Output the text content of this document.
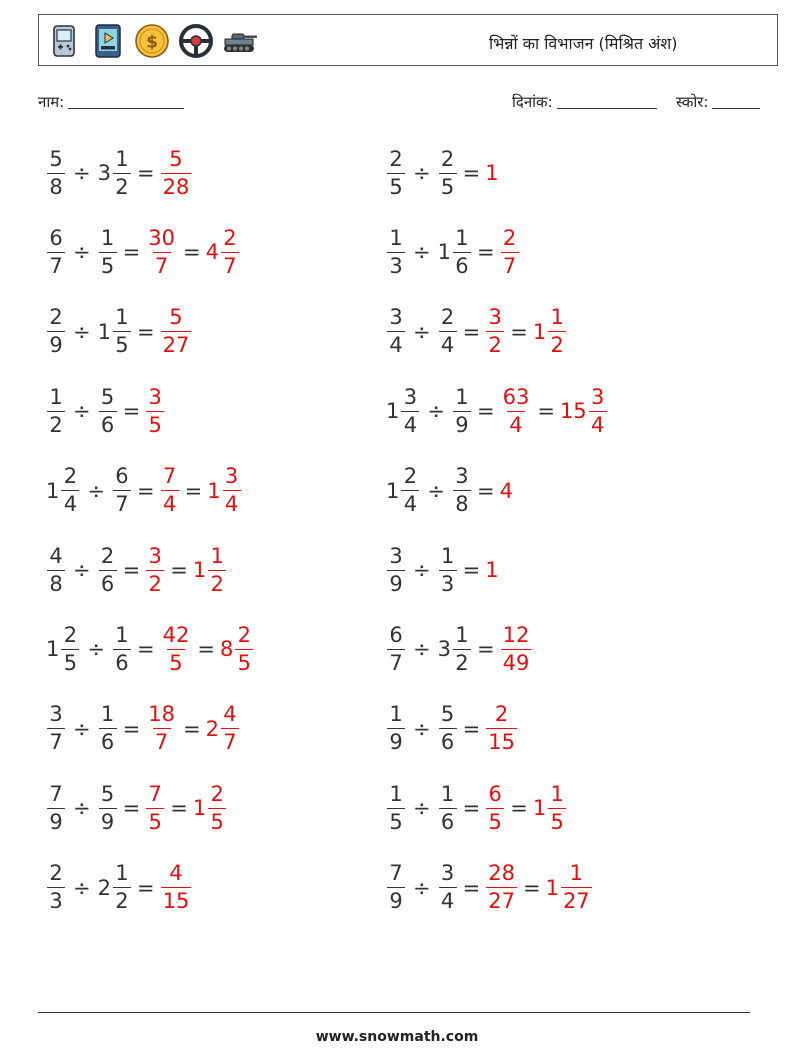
$	भिन्नों का विभाजन (मिश्रित अंश)
नाम:	दिनांक:	स्कोर:
$\frac{5}{8} \div 3 \frac{1}{2} = \frac{5}{28}$	$\frac{2}{5} \div \frac{2}{5} = 1$
$\frac{6}{7} \div \frac{1}{5} = \frac{30}{7} = 4 \frac{2}{7}$	$\frac{1}{3} \div 1 \frac{1}{6} = \frac{2}{7}$
$\frac{2}{9} \div 1 \frac{1}{5} = \frac{5}{27}$	$\frac{3}{4} \div \frac{2}{4} = \frac{3}{2} = 1 \frac{1}{2}$
$\frac{1}{2} \div \frac{5}{6} = \frac{3}{5}$	$1 \frac{3}{4} \div \frac{1}{9} = \frac{63}{4} = 15 \frac{3}{4}$
$1 \frac{2}{4} \div \frac{6}{7} = \frac{7}{4} = 1 \frac{3}{4}$	$1 \frac{2}{4} \div \frac{3}{8} = 4$
$\frac{4}{8} \div \frac{2}{6} = \frac{3}{2} = 1 \frac{1}{2}$	$\frac{3}{9} \div \frac{1}{3} = 1$
$1 \frac{2}{5} \div \frac{1}{6} = \frac{42}{5} = 8 \frac{2}{5}$	$\frac{6}{7} \div 3 \frac{1}{2} = \frac{12}{49}$
$\frac{3}{7} \div \frac{1}{6} = \frac{18}{7} = 2 \frac{4}{7}$	$\frac{1}{9} \div \frac{5}{6} = \frac{2}{15}$
$\frac{7}{9} \div \frac{5}{9} = \frac{7}{5} = 1 \frac{2}{5}$	$\frac{1}{5} \div \frac{1}{6} = \frac{6}{5} = 1 \frac{1}{5}$
$\frac{2}{3} \div 2 \frac{1}{2} = \frac{4}{15}$	$\frac{7}{9} \div \frac{3}{4} = \frac{28}{27} = 1 \frac{1}{27}$
www.snowmath.com
